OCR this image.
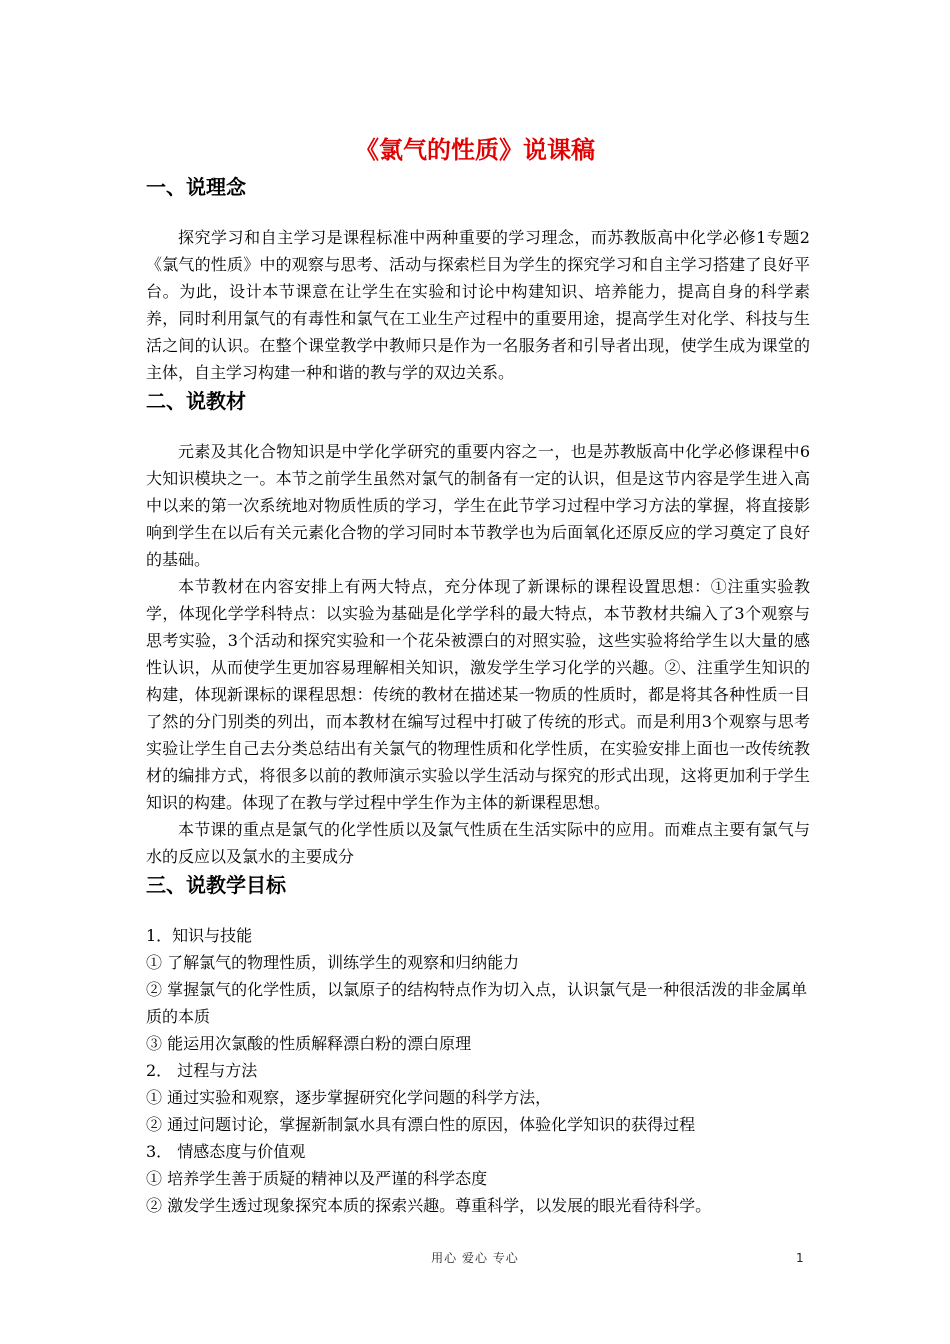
《氯气的性质》说课稿
一、说理念

探究学习和自主学习是课程标准中两种重要的学习理念，而苏教版高中化学必修1专题2《氯气的性质》中的观察与思考、活动与探索栏目为学生的探究学习和自主学习搭建了良好平台。为此，设计本节课意在让学生在实验和讨论中构建知识、培养能力，提高自身的科学素养，同时利用氯气的有毒性和氯气在工业生产过程中的重要用途，提高学生对化学、科技与生活之间的认识。在整个课堂教学中教师只是作为一名服务者和引导者出现，使学生成为课堂的主体，自主学习构建一种和谐的教与学的双边关系。

二、说教材

元素及其化合物知识是中学化学研究的重要内容之一，也是苏教版高中化学必修课程中6大知识模块之一。本节之前学生虽然对氯气的制备有一定的认识，但是这节内容是学生进入高中以来的第一次系统地对物质性质的学习，学生在此节学习过程中学习方法的掌握，将直接影响到学生在以后有关元素化合物的学习同时本节教学也为后面氧化还原反应的学习奠定了良好的基础。

本节教材在内容安排上有两大特点，充分体现了新课标的课程设置思想：①注重实验教学，体现化学学科特点：以实验为基础是化学学科的最大特点，本节教材共编入了3个观察与思考实验，3个活动和探究实验和一个花朵被漂白的对照实验，这些实验将给学生以大量的感性认识，从而使学生更加容易理解相关知识，激发学生学习化学的兴趣。②、注重学生知识的构建，体现新课标的课程思想：传统的教材在描述某一物质的性质时，都是将其各种性质一目了然的分门别类的列出，而本教材在编写过程中打破了传统的形式。而是利用3个观察与思考实验让学生自己去分类总结出有关氯气的物理性质和化学性质，在实验安排上面也一改传统教材的编排方式，将很多以前的教师演示实验以学生活动与探究的形式出现，这将更加利于学生知识的构建。体现了在教与学过程中学生作为主体的新课程思想。

本节课的重点是氯气的化学性质以及氯气性质在生活实际中的应用。而难点主要有氯气与水的反应以及氯水的主要成分

三、说教学目标

1．知识与技能

① 了解氯气的物理性质，训练学生的观察和归纳能力

② 掌握氯气的化学性质，以氯原子的结构特点作为切入点，认识氯气是一种很活泼的非金属单质的本质

③ 能运用次氯酸的性质解释漂白粉的漂白原理

2． 过程与方法

① 通过实验和观察，逐步掌握研究化学问题的科学方法，

② 通过问题讨论，掌握新制氯水具有漂白性的原因，体验化学知识的获得过程

3． 情感态度与价值观

① 培养学生善于质疑的精神以及严谨的科学态度

② 激发学生透过现象探究本质的探索兴趣。尊重科学，以发展的眼光看待科学。

用心 爱心 专心	1
